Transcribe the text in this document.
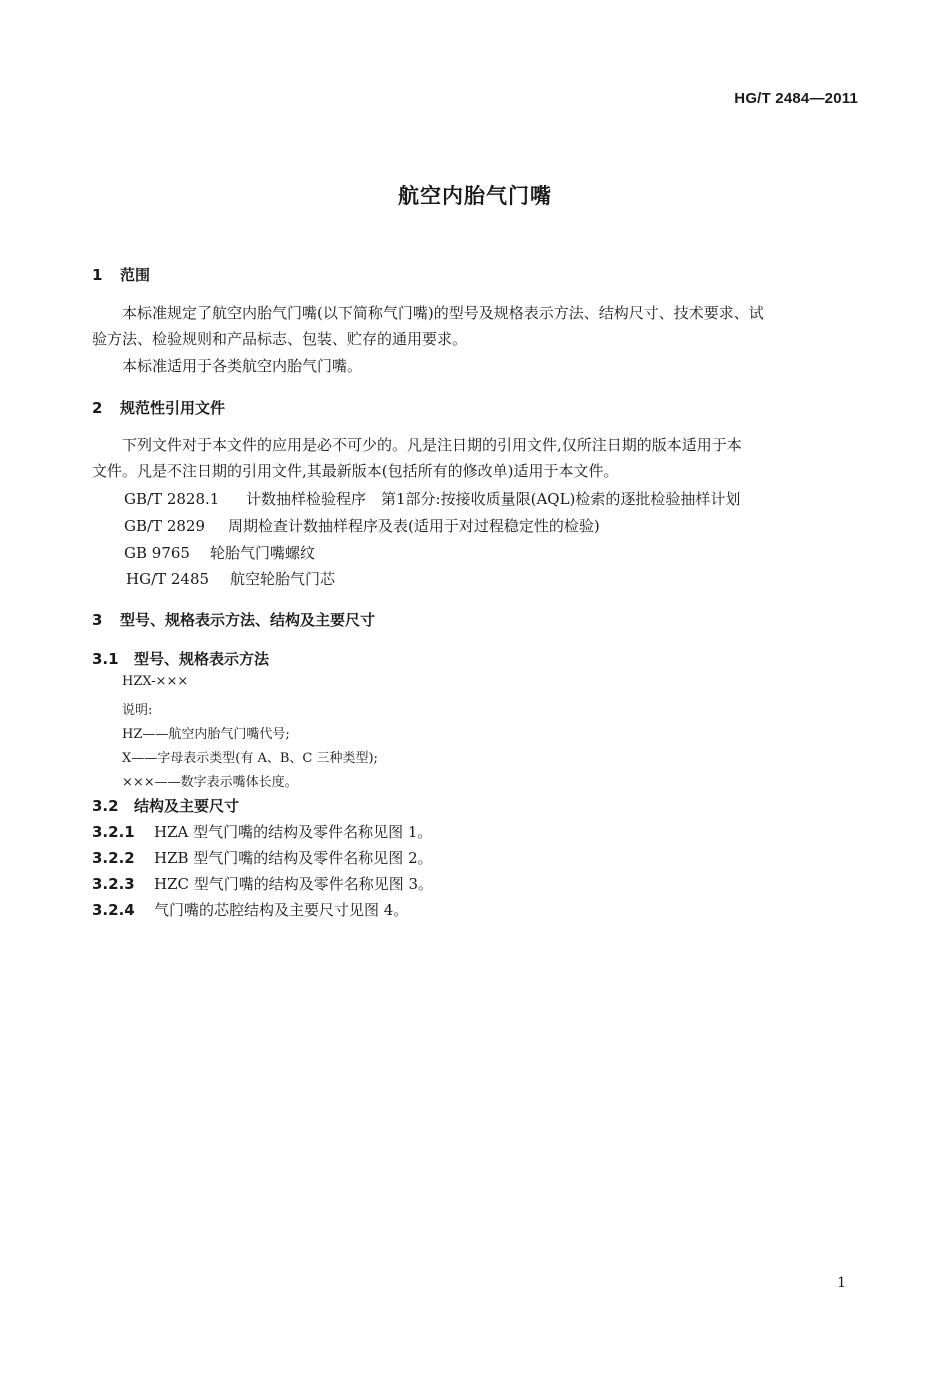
HG/T 2484—2011
航空内胎气门嘴
1 范围
本标准规定了航空内胎气门嘴(以下简称气门嘴)的型号及规格表示方法、结构尺寸、技术要求、试
验方法、检验规则和产品标志、包装、贮存的通用要求。
本标准适用于各类航空内胎气门嘴。
2 规范性引用文件
下列文件对于本文件的应用是必不可少的。凡是注日期的引用文件,仅所注日期的版本适用于本
文件。凡是不注日期的引用文件,其最新版本(包括所有的修改单)适用于本文件。
GB/T 2828.1 计数抽样检验程序　第1部分:按接收质量限(AQL)检索的逐批检验抽样计划
GB/T 2829 周期检查计数抽样程序及表(适用于对过程稳定性的检验)
GB 9765 轮胎气门嘴螺纹
HG/T 2485 航空轮胎气门芯
3 型号、规格表示方法、结构及主要尺寸
3.1 型号、规格表示方法
HZX-×××
说明:
HZ——航空内胎气门嘴代号;
X——字母表示类型(有 A、B、C 三种类型);
×××——数字表示嘴体长度。
3.2 结构及主要尺寸
3.2.1 HZA 型气门嘴的结构及零件名称见图 1。
3.2.2 HZB 型气门嘴的结构及零件名称见图 2。
3.2.3 HZC 型气门嘴的结构及零件名称见图 3。
3.2.4 气门嘴的芯腔结构及主要尺寸见图 4。
1
